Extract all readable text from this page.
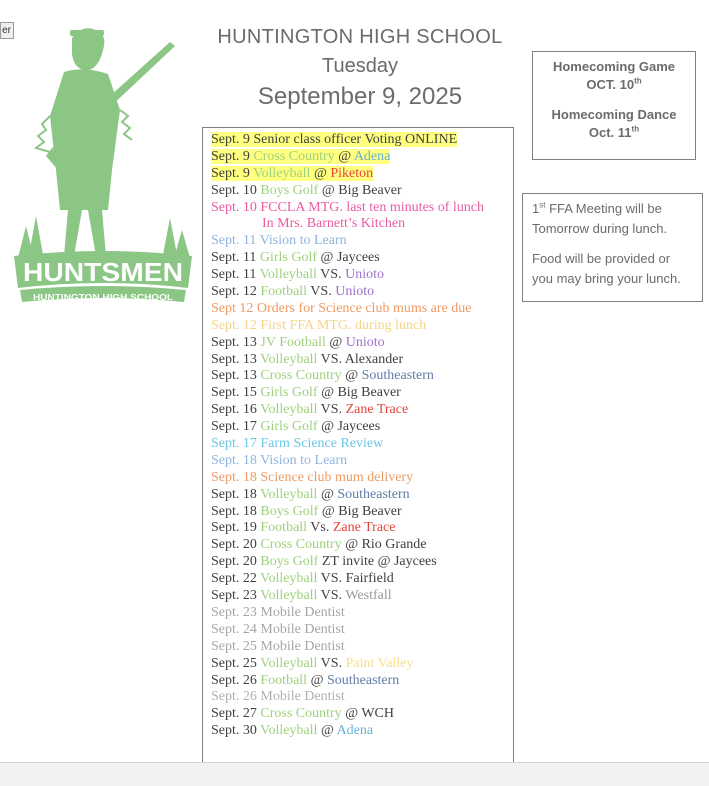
er
HUNTSMEN
HUNTINGTON HIGH SCHOOL
HUNTINGTON HIGH SCHOOL
Tuesday
September 9, 2025
Sept. 9 Senior class officer Voting ONLINE
Sept. 9 Cross Country @ Adena
Sept. 9 Volleyball @ Piketon
Sept. 10 Boys Golf @ Big Beaver
Sept. 10 FCCLA MTG. last ten minutes of lunch
In Mrs. Barnett’s Kitchen
Sept. 11 Vision to Learn
Sept. 11 Girls Golf @ Jaycees
Sept. 11 Volleyball VS. Unioto
Sept. 12 Football VS. Unioto
Sept 12 Orders for Science club mums are due
Sept. 12 First FFA MTG. during lunch
Sept. 13 JV Football @ Unioto
Sept. 13 Volleyball VS. Alexander
Sept. 13 Cross Country @ Southeastern
Sept. 15 Girls Golf @ Big Beaver
Sept. 16 Volleyball VS. Zane Trace
Sept. 17 Girls Golf @ Jaycees
Sept. 17 Farm Science Review
Sept. 18 Vision to Learn
Sept. 18 Science club mum delivery
Sept. 18 Volleyball @ Southeastern
Sept. 18 Boys Golf @ Big Beaver
Sept. 19 Football Vs. Zane Trace
Sept. 20 Cross Country @ Rio Grande
Sept. 20 Boys Golf ZT invite @ Jaycees
Sept. 22 Volleyball VS. Fairfield
Sept. 23 Volleyball VS. Westfall
Sept. 23 Mobile Dentist
Sept. 24 Mobile Dentist
Sept. 25 Mobile Dentist
Sept. 25 Volleyball VS. Paint Valley
Sept. 26 Football @ Southeastern
Sept. 26 Mobile Dentist
Sept. 27 Cross Country @ WCH
Sept. 30 Volleyball @ Adena
Homecoming Game
OCT. 10th
Homecoming Dance
Oct. 11th

1st FFA Meeting will be Tomorrow during lunch.

Food will be provided or you may bring your lunch.
